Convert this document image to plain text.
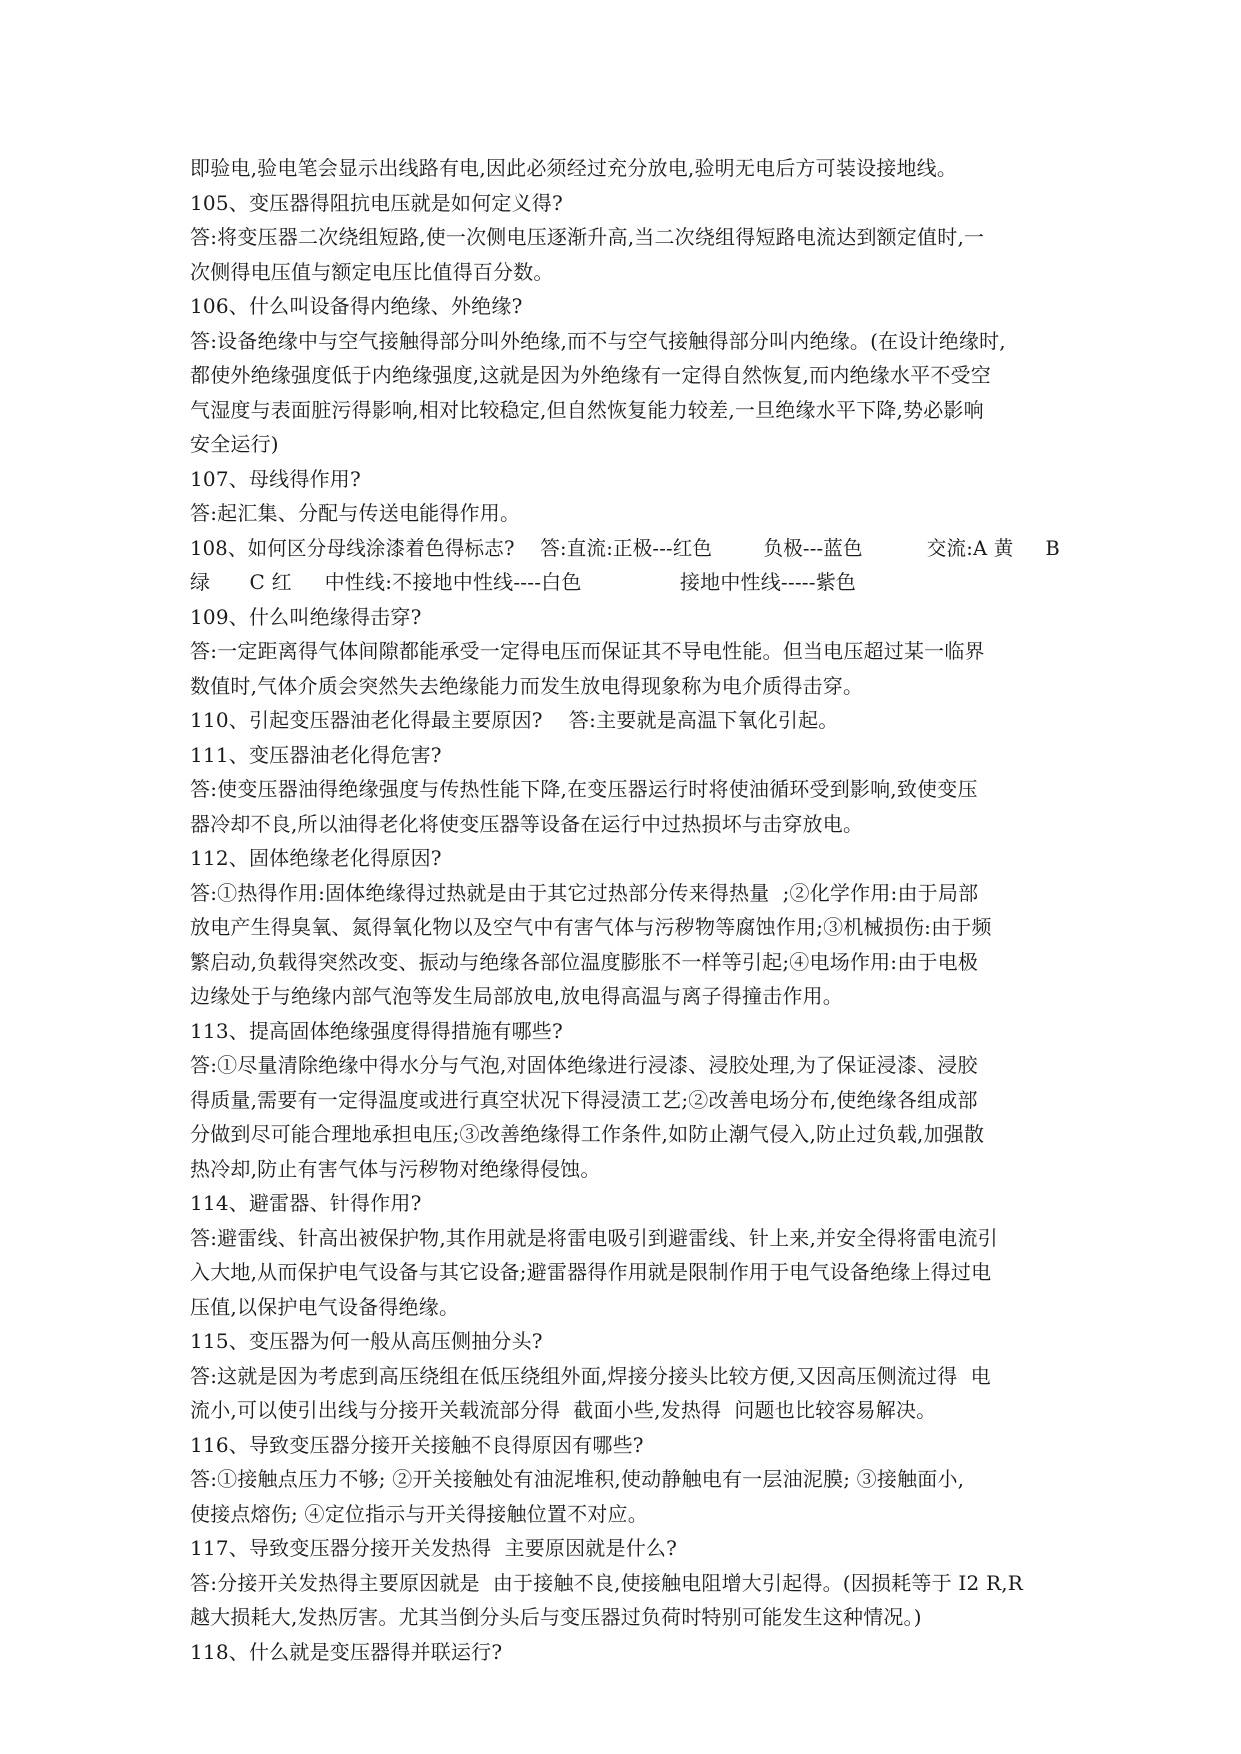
即验电,验电笔会显示出线路有电,因此必须经过充分放电,验明无电后方可装设接地线。
105、变压器得阻抗电压就是如何定义得?
答:将变压器二次绕组短路,使一次侧电压逐渐升高,当二次绕组得短路电流达到额定值时,一
次侧得电压值与额定电压比值得百分数。
106、什么叫设备得内绝缘、外绝缘?
答:设备绝缘中与空气接触得部分叫外绝缘,而不与空气接触得部分叫内绝缘。(在设计绝缘时,
都使外绝缘强度低于内绝缘强度,这就是因为外绝缘有一定得自然恢复,而内绝缘水平不受空
气湿度与表面脏污得影响,相对比较稳定,但自然恢复能力较差,一旦绝缘水平下降,势必影响
安全运行)
107、母线得作用?
答:起汇集、分配与传送电能得作用。
108、如何区分母线涂漆着色得标志?    答:直流:正极---红色        负极---蓝色          交流:A 黄     B
绿      C 红     中性线:不接地中性线----白色               接地中性线-----紫色
109、什么叫绝缘得击穿?
答:一定距离得气体间隙都能承受一定得电压而保证其不导电性能。但当电压超过某一临界
数值时,气体介质会突然失去绝缘能力而发生放电得现象称为电介质得击穿。
110、引起变压器油老化得最主要原因?    答:主要就是高温下氧化引起。
111、变压器油老化得危害?
答:使变压器油得绝缘强度与传热性能下降,在变压器运行时将使油循环受到影响,致使变压
器冷却不良,所以油得老化将使变压器等设备在运行中过热损坏与击穿放电。
112、固体绝缘老化得原因?
答:①热得作用:固体绝缘得过热就是由于其它过热部分传来得热量  ;②化学作用:由于局部
放电产生得臭氧、氮得氧化物以及空气中有害气体与污秽物等腐蚀作用;③机械损伤:由于频
繁启动,负载得突然改变、振动与绝缘各部位温度膨胀不一样等引起;④电场作用:由于电极
边缘处于与绝缘内部气泡等发生局部放电,放电得高温与离子得撞击作用。
113、提高固体绝缘强度得得措施有哪些?
答:①尽量清除绝缘中得水分与气泡,对固体绝缘进行浸漆、浸胶处理,为了保证浸漆、浸胶
得质量,需要有一定得温度或进行真空状况下得浸渍工艺;②改善电场分布,使绝缘各组成部
分做到尽可能合理地承担电压;③改善绝缘得工作条件,如防止潮气侵入,防止过负载,加强散
热冷却,防止有害气体与污秽物对绝缘得侵蚀。
114、避雷器、针得作用?
答:避雷线、针高出被保护物,其作用就是将雷电吸引到避雷线、针上来,并安全得将雷电流引
入大地,从而保护电气设备与其它设备;避雷器得作用就是限制作用于电气设备绝缘上得过电
压值,以保护电气设备得绝缘。
115、变压器为何一般从高压侧抽分头?
答:这就是因为考虑到高压绕组在低压绕组外面,焊接分接头比较方便,又因高压侧流过得  电
流小,可以使引出线与分接开关载流部分得  截面小些,发热得  问题也比较容易解决。
116、导致变压器分接开关接触不良得原因有哪些?
答:①接触点压力不够; ②开关接触处有油泥堆积,使动静触电有一层油泥膜; ③接触面小,
使接点熔伤; ④定位指示与开关得接触位置不对应。
117、导致变压器分接开关发热得  主要原因就是什么?
答:分接开关发热得主要原因就是  由于接触不良,使接触电阻增大引起得。(因损耗等于 I2 R,R
越大损耗大,发热厉害。尤其当倒分头后与变压器过负荷时特别可能发生这种情况。)
118、什么就是变压器得并联运行?
